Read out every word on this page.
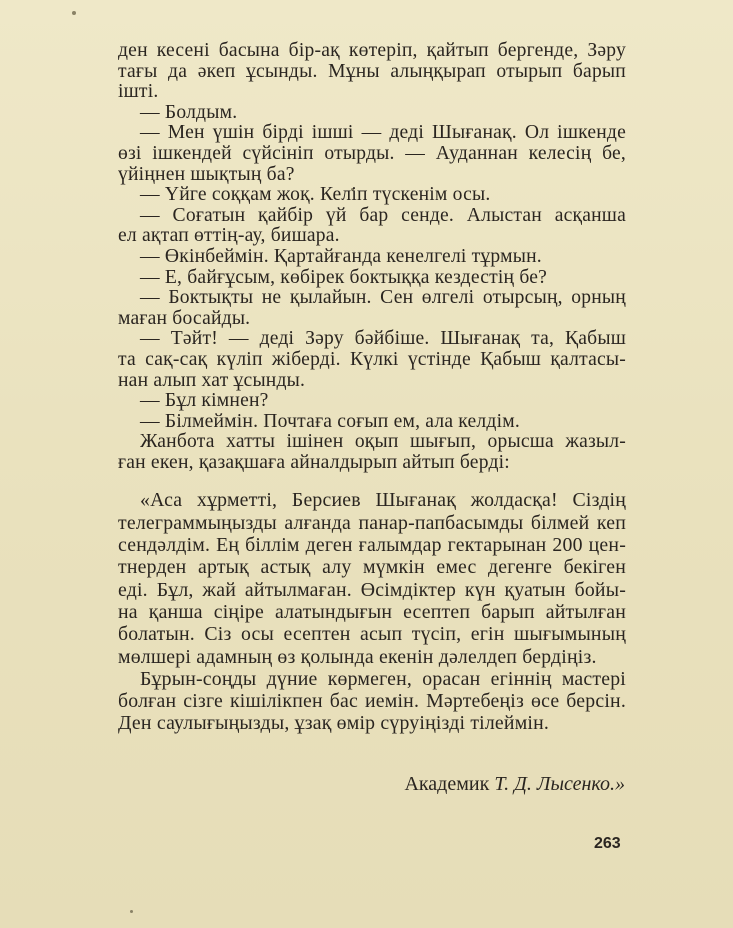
ден кесені басына бір-ақ көтеріп, қайтып бергенде, Зәру
тағы да әкеп ұсынды. Мұны алыңқырап отырып барып
ішті.
— Болдым.
— Мен үшін бірді ішші — деді Шығанақ. Ол ішкенде
өзі ішкендей сүйсініп отырды. — Ауданнан келесің бе,
үйіңнен шықтың ба?
— Үйге соққам жоқ. Келіп түскенім осы.
— Соғатын қайбір үй бар сенде. Алыстан асқанша
ел ақтап өттің-ау, бишара.
— Өкінбеймін. Қартайғанда кенелгелі тұрмын.
— Е, байғұсым, көбірек боктыққа кездестің бе?
— Боктықты не қылайын. Сен өлгелі отырсың, орның
маған босайды.
— Тәйт! — деді Зәру бәйбіше. Шығанақ та, Қабыш
та сақ-сақ күліп жіберді. Күлкі үстінде Қабыш қалтасы-
нан алып хат ұсынды.
— Бұл кімнен?
— Білмеймін. Почтаға соғып ем, ала келдім.
Жанбота хатты ішінен оқып шығып, орысша жазыл-
ған екен, қазақшаға айналдырып айтып берді:
«Аса хұрметті, Берсиев Шығанақ жолдасқа! Сіздің
телеграммыңызды алғанда панар-папбасымды білмей кеп
сендәлдім. Ең біллім деген ғалымдар гектарынан 200 цен-
тнерден артық астық алу мүмкін емес дегенге бекіген
еді. Бұл, жай айтылмаған. Өсімдіктер күн қуатын бойы-
на қанша сіңіре алатындығын есептеп барып айтылған
болатын. Сіз осы есептен асып түсіп, егін шығымының
мөлшері адамның өз қолында екенін дәлелдеп бердіңіз.
Бұрын-соңды дүние көрмеген, орасан егіннің мастері
болған сізге кішілікпен бас иемін. Мәртебеңіз өсе берсін.
Ден саулығыңызды, ұзақ өмір сүруіңізді тілеймін.
Академик Т. Д. Лысенко.»
263
